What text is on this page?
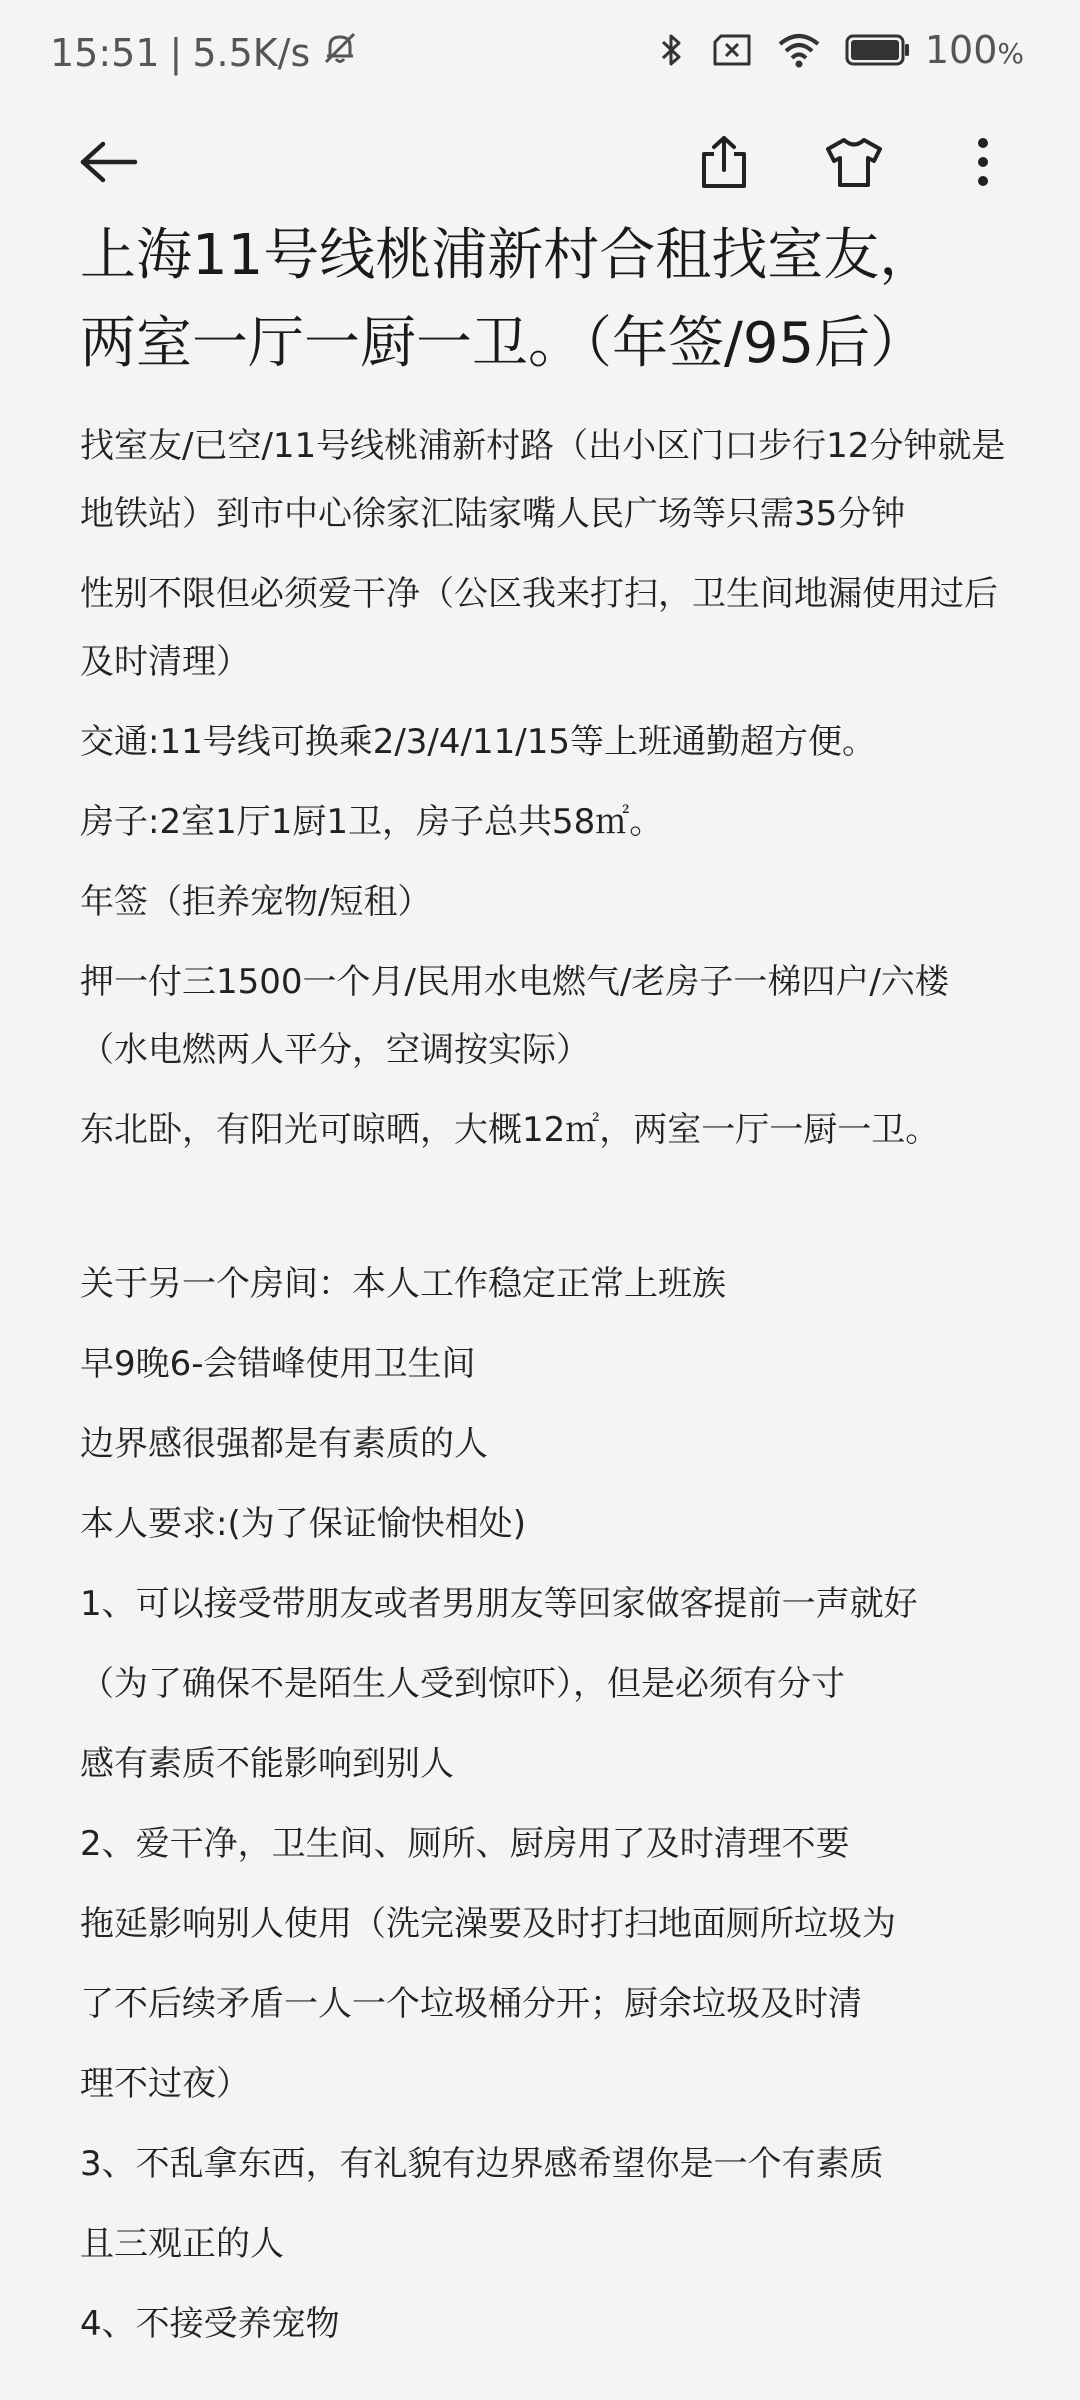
15:51 | 5.5K/s	100%
上海11号线桃浦新村合租找室友，
两室一厅一厨一卫。（年签/95后）

找室友/已空/11号线桃浦新村路（出小区门口步行12分钟就是地铁站）到市中心徐家汇陆家嘴人民广场等只需35分钟

性别不限但必须爱干净（公区我来打扫，卫生间地漏使用过后及时清理）

交通:11号线可换乘2/3/4/11/15等上班通勤超方便。

房子:2室1厅1厨1卫，房子总共58㎡。

年签（拒养宠物/短租）

押一付三1500一个月/民用水电燃气/老房子一梯四户/六楼（水电燃两人平分，空调按实际）

东北卧，有阳光可晾晒，大概12㎡，两室一厅一厨一卫。

关于另一个房间：本人工作稳定正常上班族

早9晚6-会错峰使用卫生间

边界感很强都是有素质的人

本人要求:(为了保证愉快相处)

1、可以接受带朋友或者男朋友等回家做客提前一声就好

（为了确保不是陌生人受到惊吓），但是必须有分寸

感有素质不能影响到别人

2、爱干净，卫生间、厕所、厨房用了及时清理不要

拖延影响别人使用（洗完澡要及时打扫地面厕所垃圾为

了不后续矛盾一人一个垃圾桶分开；厨余垃圾及时清

理不过夜）

3、不乱拿东西，有礼貌有边界感希望你是一个有素质

且三观正的人

4、不接受养宠物
